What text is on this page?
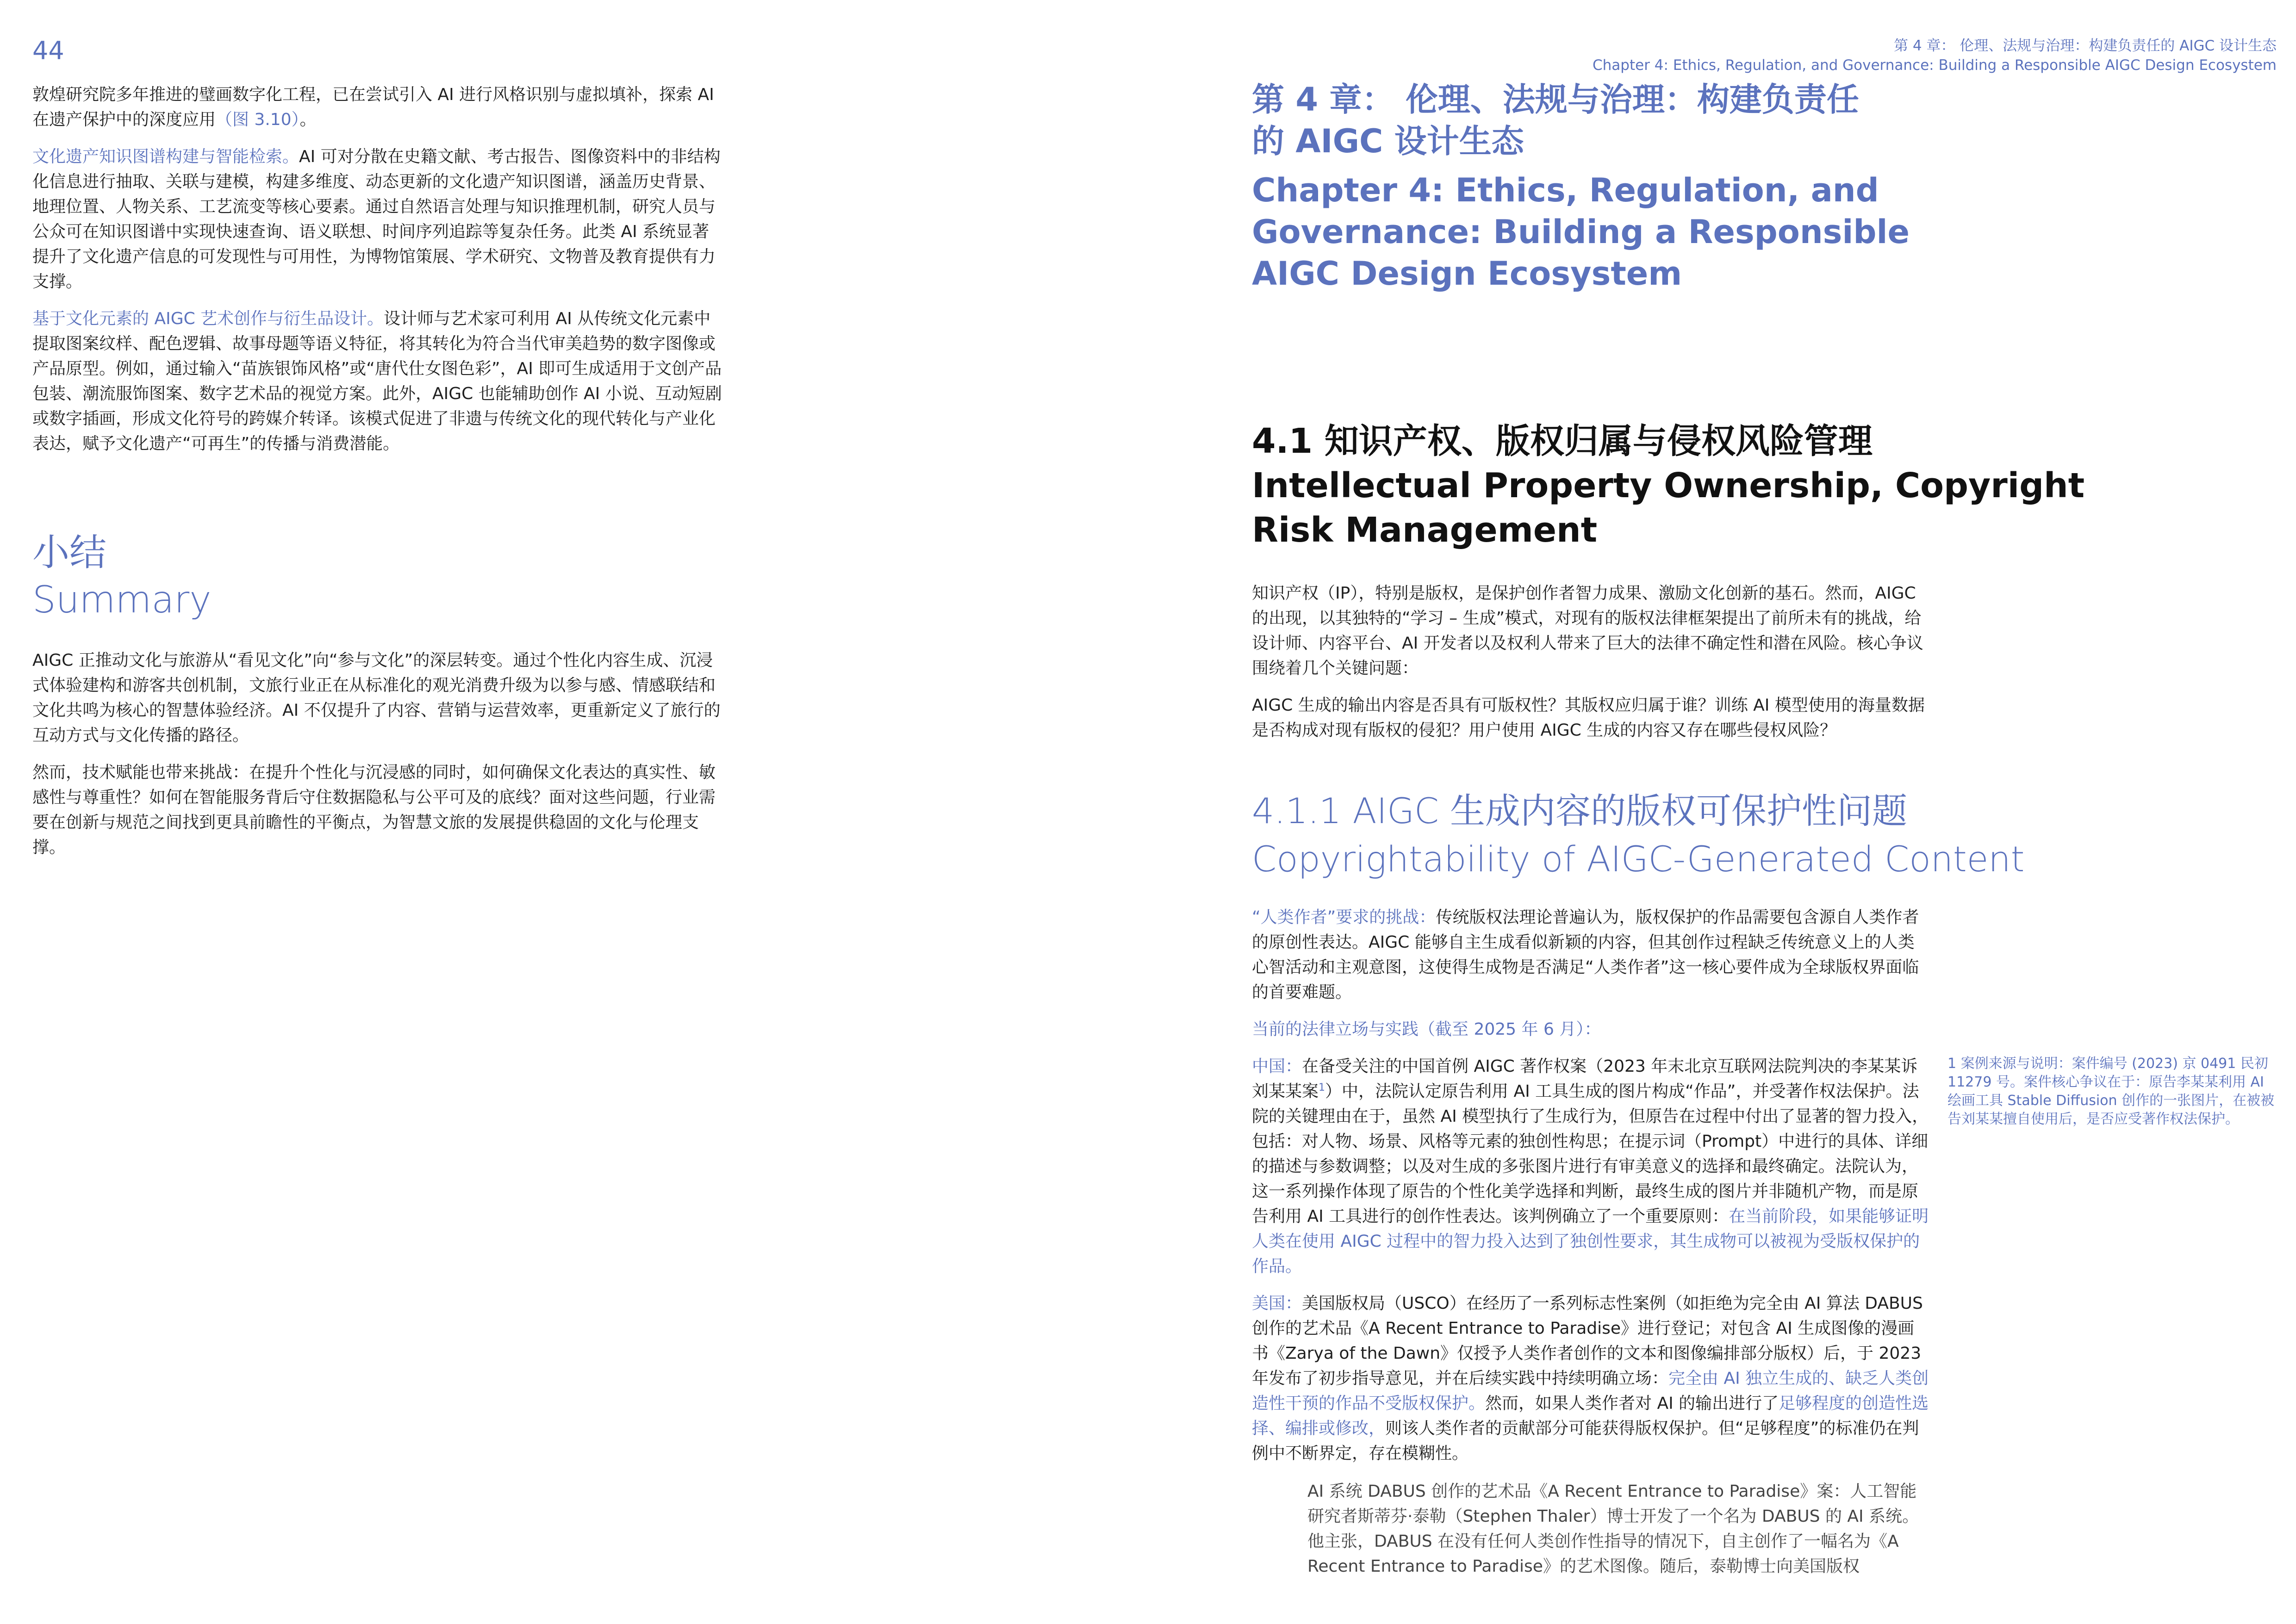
44

敦煌研究院多年推进的璧画数字化工程，已在尝试引入 AI 进行风格识别与虚拟填补，探索 AI 在遗产保护中的深度应用（图 3.10）。

文化遗产知识图谱构建与智能检索。AI 可对分散在史籍文献、考古报告、图像资料中的非结构化信息进行抽取、关联与建模，构建多维度、动态更新的文化遗产知识图谱，涵盖历史背景、地理位置、人物关系、工艺流变等核心要素。通过自然语言处理与知识推理机制，研究人员与公众可在知识图谱中实现快速查询、语义联想、时间序列追踪等复杂任务。此类 AI 系统显著提升了文化遗产信息的可发现性与可用性，为博物馆策展、学术研究、文物普及教育提供有力支撑。

基于文化元素的 AIGC 艺术创作与衍生品设计。设计师与艺术家可利用 AI 从传统文化元素中提取图案纹样、配色逻辑、故事母题等语义特征，将其转化为符合当代审美趋势的数字图像或产品原型。例如，通过输入“苗族银饰风格”或“唐代仕女图色彩”，AI 即可生成适用于文创产品包装、潮流服饰图案、数字艺术品的视觉方案。此外，AIGC 也能辅助创作 AI 小说、互动短剧或数字插画，形成文化符号的跨媒介转译。该模式促进了非遗与传统文化的现代转化与产业化表达，赋予文化遗产“可再生”的传播与消费潜能。

小结

Summary

AIGC 正推动文化与旅游从“看见文化”向“参与文化”的深层转变。通过个性化内容生成、沉浸式体验建构和游客共创机制，文旅行业正在从标准化的观光消费升级为以参与感、情感联结和文化共鸣为核心的智慧体验经济。AI 不仅提升了内容、营销与运营效率，更重新定义了旅行的互动方式与文化传播的路径。

然而，技术赋能也带来挑战：在提升个性化与沉浸感的同时，如何确保文化表达的真实性、敏感性与尊重性？如何在智能服务背后守住数据隐私与公平可及的底线？面对这些问题，行业需要在创新与规范之间找到更具前瞻性的平衡点，为智慧文旅的发展提供稳固的文化与伦理支撑。

第 4 章： 伦理、法规与治理：构建负责任的 AIGC 设计生态
Chapter 4: Ethics, Regulation, and Governance: Building a Responsible AIGC Design Ecosystem

第 4 章： 伦理、法规与治理：构建负责任

的 AIGC 设计生态

Chapter 4: Ethics, Regulation, and

Governance: Building a Responsible

AIGC Design Ecosystem

4.1 知识产权、版权归属与侵权风险管理

Intellectual Property Ownership, Copyright

Risk Management

知识产权（IP），特别是版权，是保护创作者智力成果、激励文化创新的基石。然而，AIGC 的出现，以其独特的“学习 – 生成”模式，对现有的版权法律框架提出了前所未有的挑战，给设计师、内容平台、AI 开发者以及权利人带来了巨大的法律不确定性和潜在风险。核心争议围绕着几个关键问题：

AIGC 生成的输出内容是否具有可版权性？其版权应归属于谁？训练 AI 模型使用的海量数据是否构成对现有版权的侵犯？用户使用 AIGC 生成的内容又存在哪些侵权风险？

4.1.1 AIGC 生成内容的版权可保护性问题

Copyrightability of AIGC-Generated Content

“人类作者”要求的挑战：传统版权法理论普遍认为，版权保护的作品需要包含源自人类作者的原创性表达。AIGC 能够自主生成看似新颖的内容，但其创作过程缺乏传统意义上的人类心智活动和主观意图，这使得生成物是否满足“人类作者”这一核心要件成为全球版权界面临的首要难题。

当前的法律立场与实践（截至 2025 年 6 月）：

中国：在备受关注的中国首例 AIGC 著作权案（2023 年末北京互联网法院判决的李某某诉刘某某案$^1$）中，法院认定原告利用 AI 工具生成的图片构成“作品”，并受著作权法保护。法院的关键理由在于，虽然 AI 模型执行了生成行为，但原告在过程中付出了显著的智力投入，包括：对人物、场景、风格等元素的独创性构思；在提示词（Prompt）中进行的具体、详细的描述与参数调整；以及对生成的多张图片进行有审美意义的选择和最终确定。法院认为，这一系列操作体现了原告的个性化美学选择和判断，最终生成的图片并非随机产物，而是原告利用 AI 工具进行的创作性表达。该判例确立了一个重要原则：在当前阶段，如果能够证明人类在使用 AIGC 过程中的智力投入达到了独创性要求，其生成物可以被视为受版权保护的作品。

美国：美国版权局（USCO）在经历了一系列标志性案例（如拒绝为完全由 AI 算法 DABUS 创作的艺术品《A Recent Entrance to Paradise》进行登记；对包含 AI 生成图像的漫画书《Zarya of the Dawn》仅授予人类作者创作的文本和图像编排部分版权）后，于 2023 年发布了初步指导意见，并在后续实践中持续明确立场：完全由 AI 独立生成的、缺乏人类创造性干预的作品不受版权保护。然而，如果人类作者对 AI 的输出进行了足够程度的创造性选择、编排或修改，则该人类作者的贡献部分可能获得版权保护。但“足够程度”的标准仍在判例中不断界定，存在模糊性。

1 案例来源与说明：案件编号 (2023) 京 0491 民初 11279 号。案件核心争议在于：原告李某某利用 AI 绘画工具 Stable Diffusion 创作的一张图片，在被被告刘某某擅自使用后，是否应受著作权法保护。
AI 系统 DABUS 创作的艺术品《A Recent Entrance to Paradise》案：人工智能研究者斯蒂芬·泰勒（Stephen Thaler）博士开发了一个名为 DABUS 的 AI 系统。他主张，DABUS 在没有任何人类创作性指导的情况下，自主创作了一幅名为《A Recent Entrance to Paradise》的艺术图像。随后，泰勒博士向美国版权
